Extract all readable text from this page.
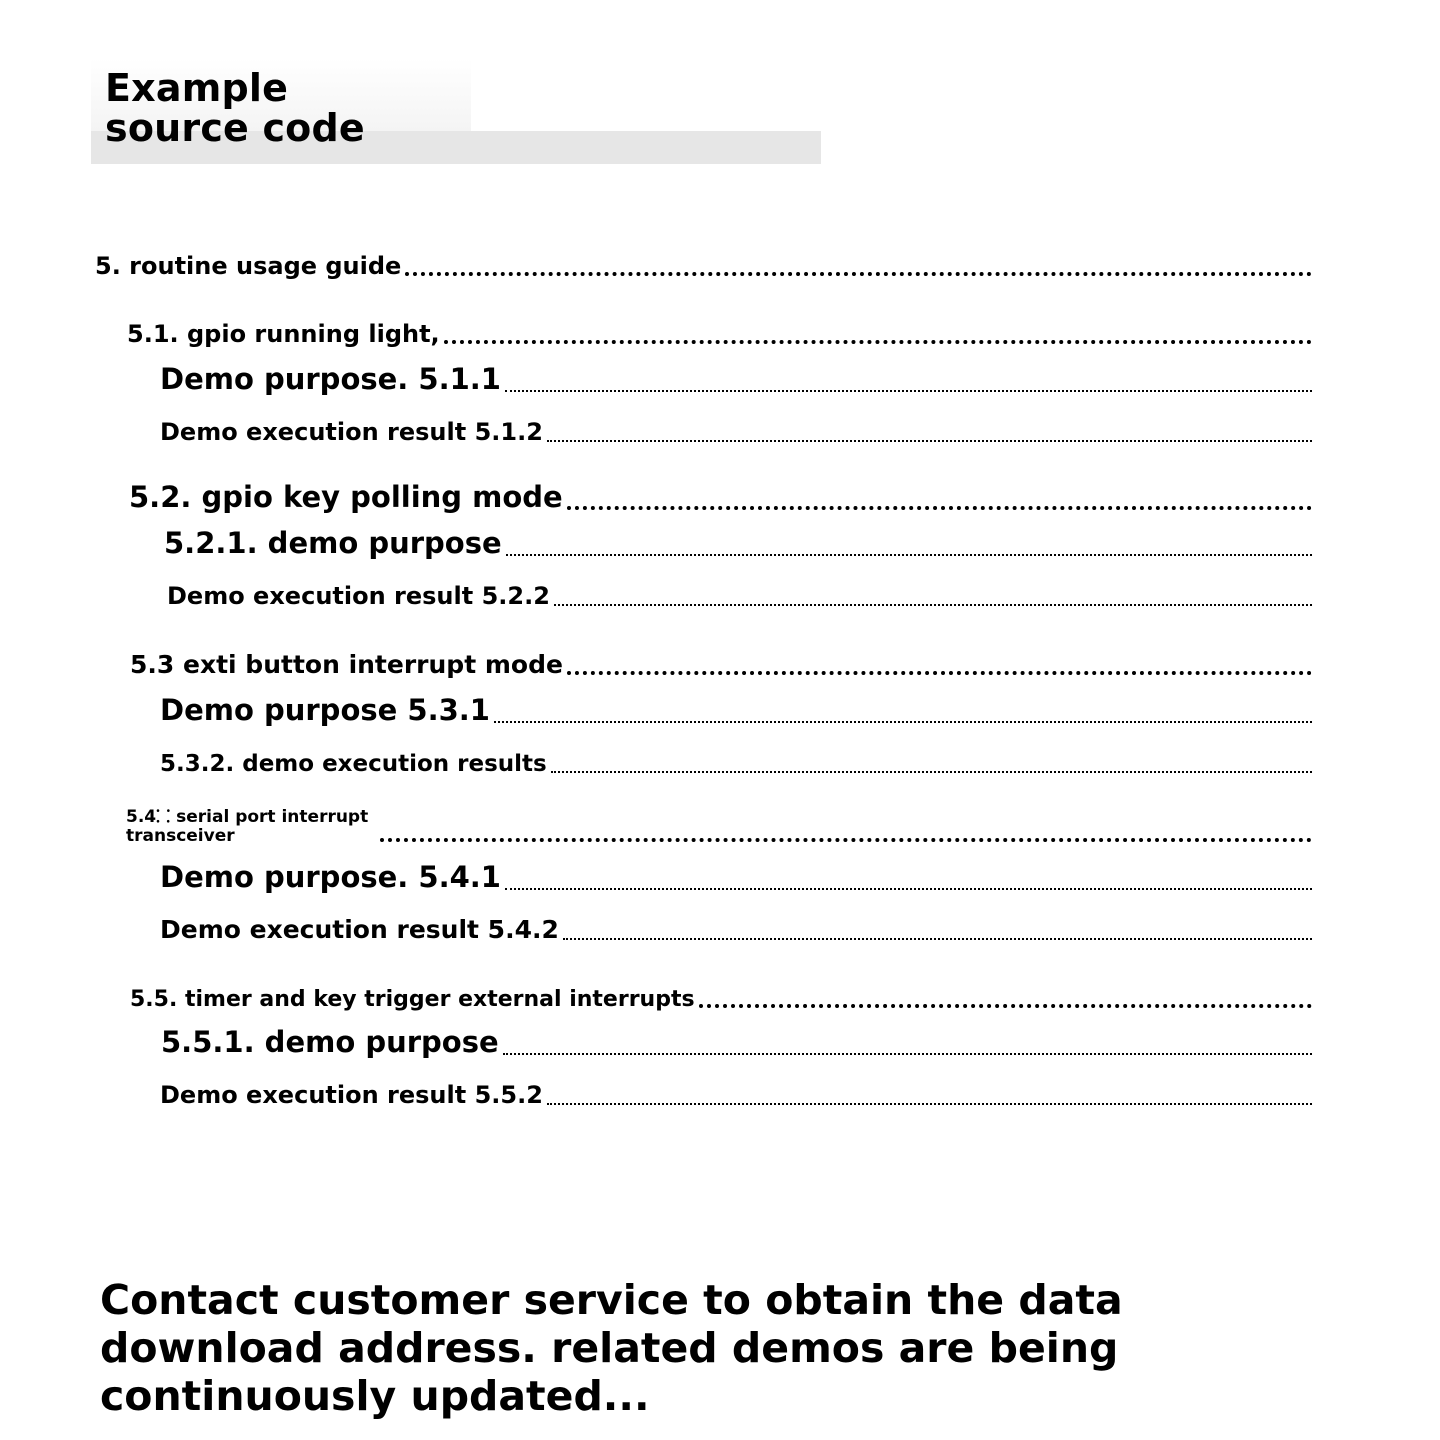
Example source code
5. routine usage guide
5.1. gpio running light,
Demo purpose. 5.1.1
Demo execution result 5.1.2
5.2. gpio key polling mode
5.2.1. demo purpose
Demo execution result 5.2.2
5.3 exti button interrupt mode
Demo purpose 5.3.1
5.3.2. demo execution results
5.4⸬ serial port interrupt transceiver
Demo purpose. 5.4.1
Demo execution result 5.4.2
5.5. timer and key trigger external interrupts
5.5.1. demo purpose
Demo execution result 5.5.2

Contact customer service to obtain the data download address. related demos are being continuously updated...
